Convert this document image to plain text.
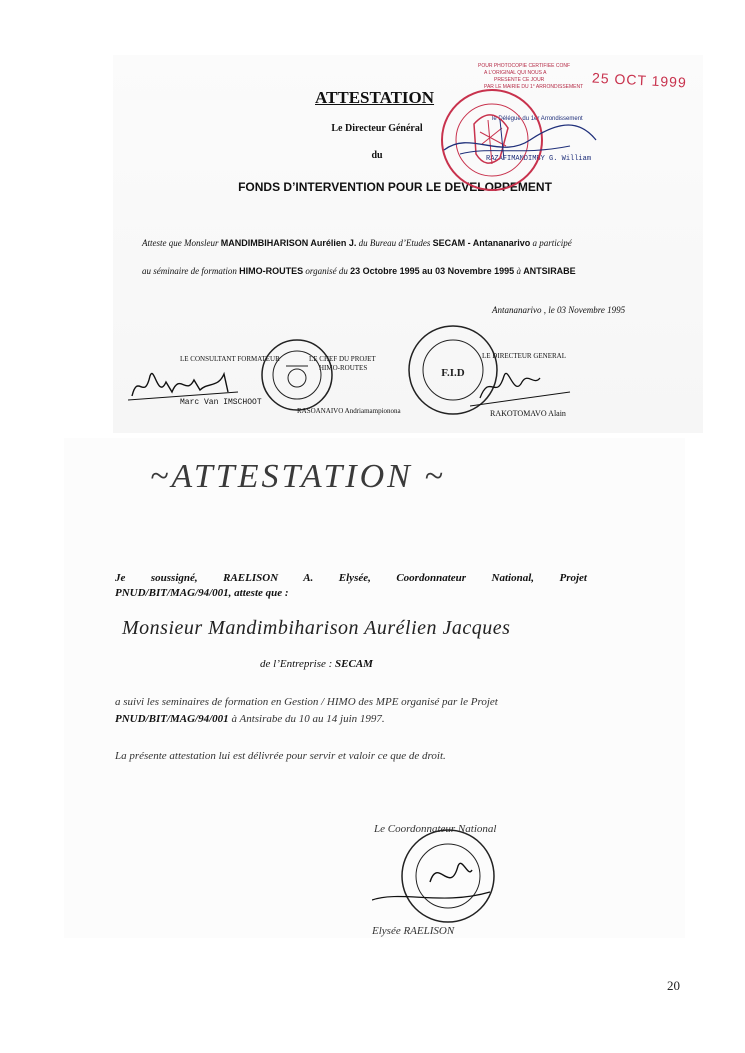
ATTESTATION
Le Directeur Général
du
FONDS D’INTERVENTION POUR LE DEVELOPPEMENT
Atteste que Monsleur MANDIMBIHARISON Aurélien J. du Bureau d’Etudes SECAM - Antananarivo a participé
au séminaire de formation HIMO-ROUTES organisé du 23 Octobre 1995 au 03 Novembre 1995 à ANTSIRABE
Antananarivo , le 03 Novembre 1995
POUR PHOTOCOPIE CERTIFIEE CONF
A L'ORIGINAL QUI NOUS A
PRESENTE CE JOUR
PAR LE MAIRIE DU 1° ARRONDISSEMENT 25 OCT 1999
le Délégué du 1er Arrondissement
RAZAFIMANDIMBY G. William
LE CONSULTANT FORMATEUR	LE CHEF DU PROJET
HIMO-ROUTES
LE DIRECTEUR GENERAL
F.I.D
Marc Van IMSCHOOT
RASOANAIVO Andriamampionona	RAKOTOMAVO Alain
~ATTESTATION ~
Je soussigné, RAELISON A. Elysée, Coordonnateur National, Projet
PNUD/BIT/MAG/94/001, atteste que :
Monsieur Mandimbiharison Aurélien Jacques
de l’Entreprise : SECAM
a suivi les seminaires de formation en Gestion / HIMO des MPE organisé par le Projet PNUD/BIT/MAG/94/001 à Antsirabe du 10 au 14 juin 1997.
La présente attestation lui est délivrée pour servir et valoir ce que de droit.
Le Coordonnateur National
Elysée RAELISON
20
